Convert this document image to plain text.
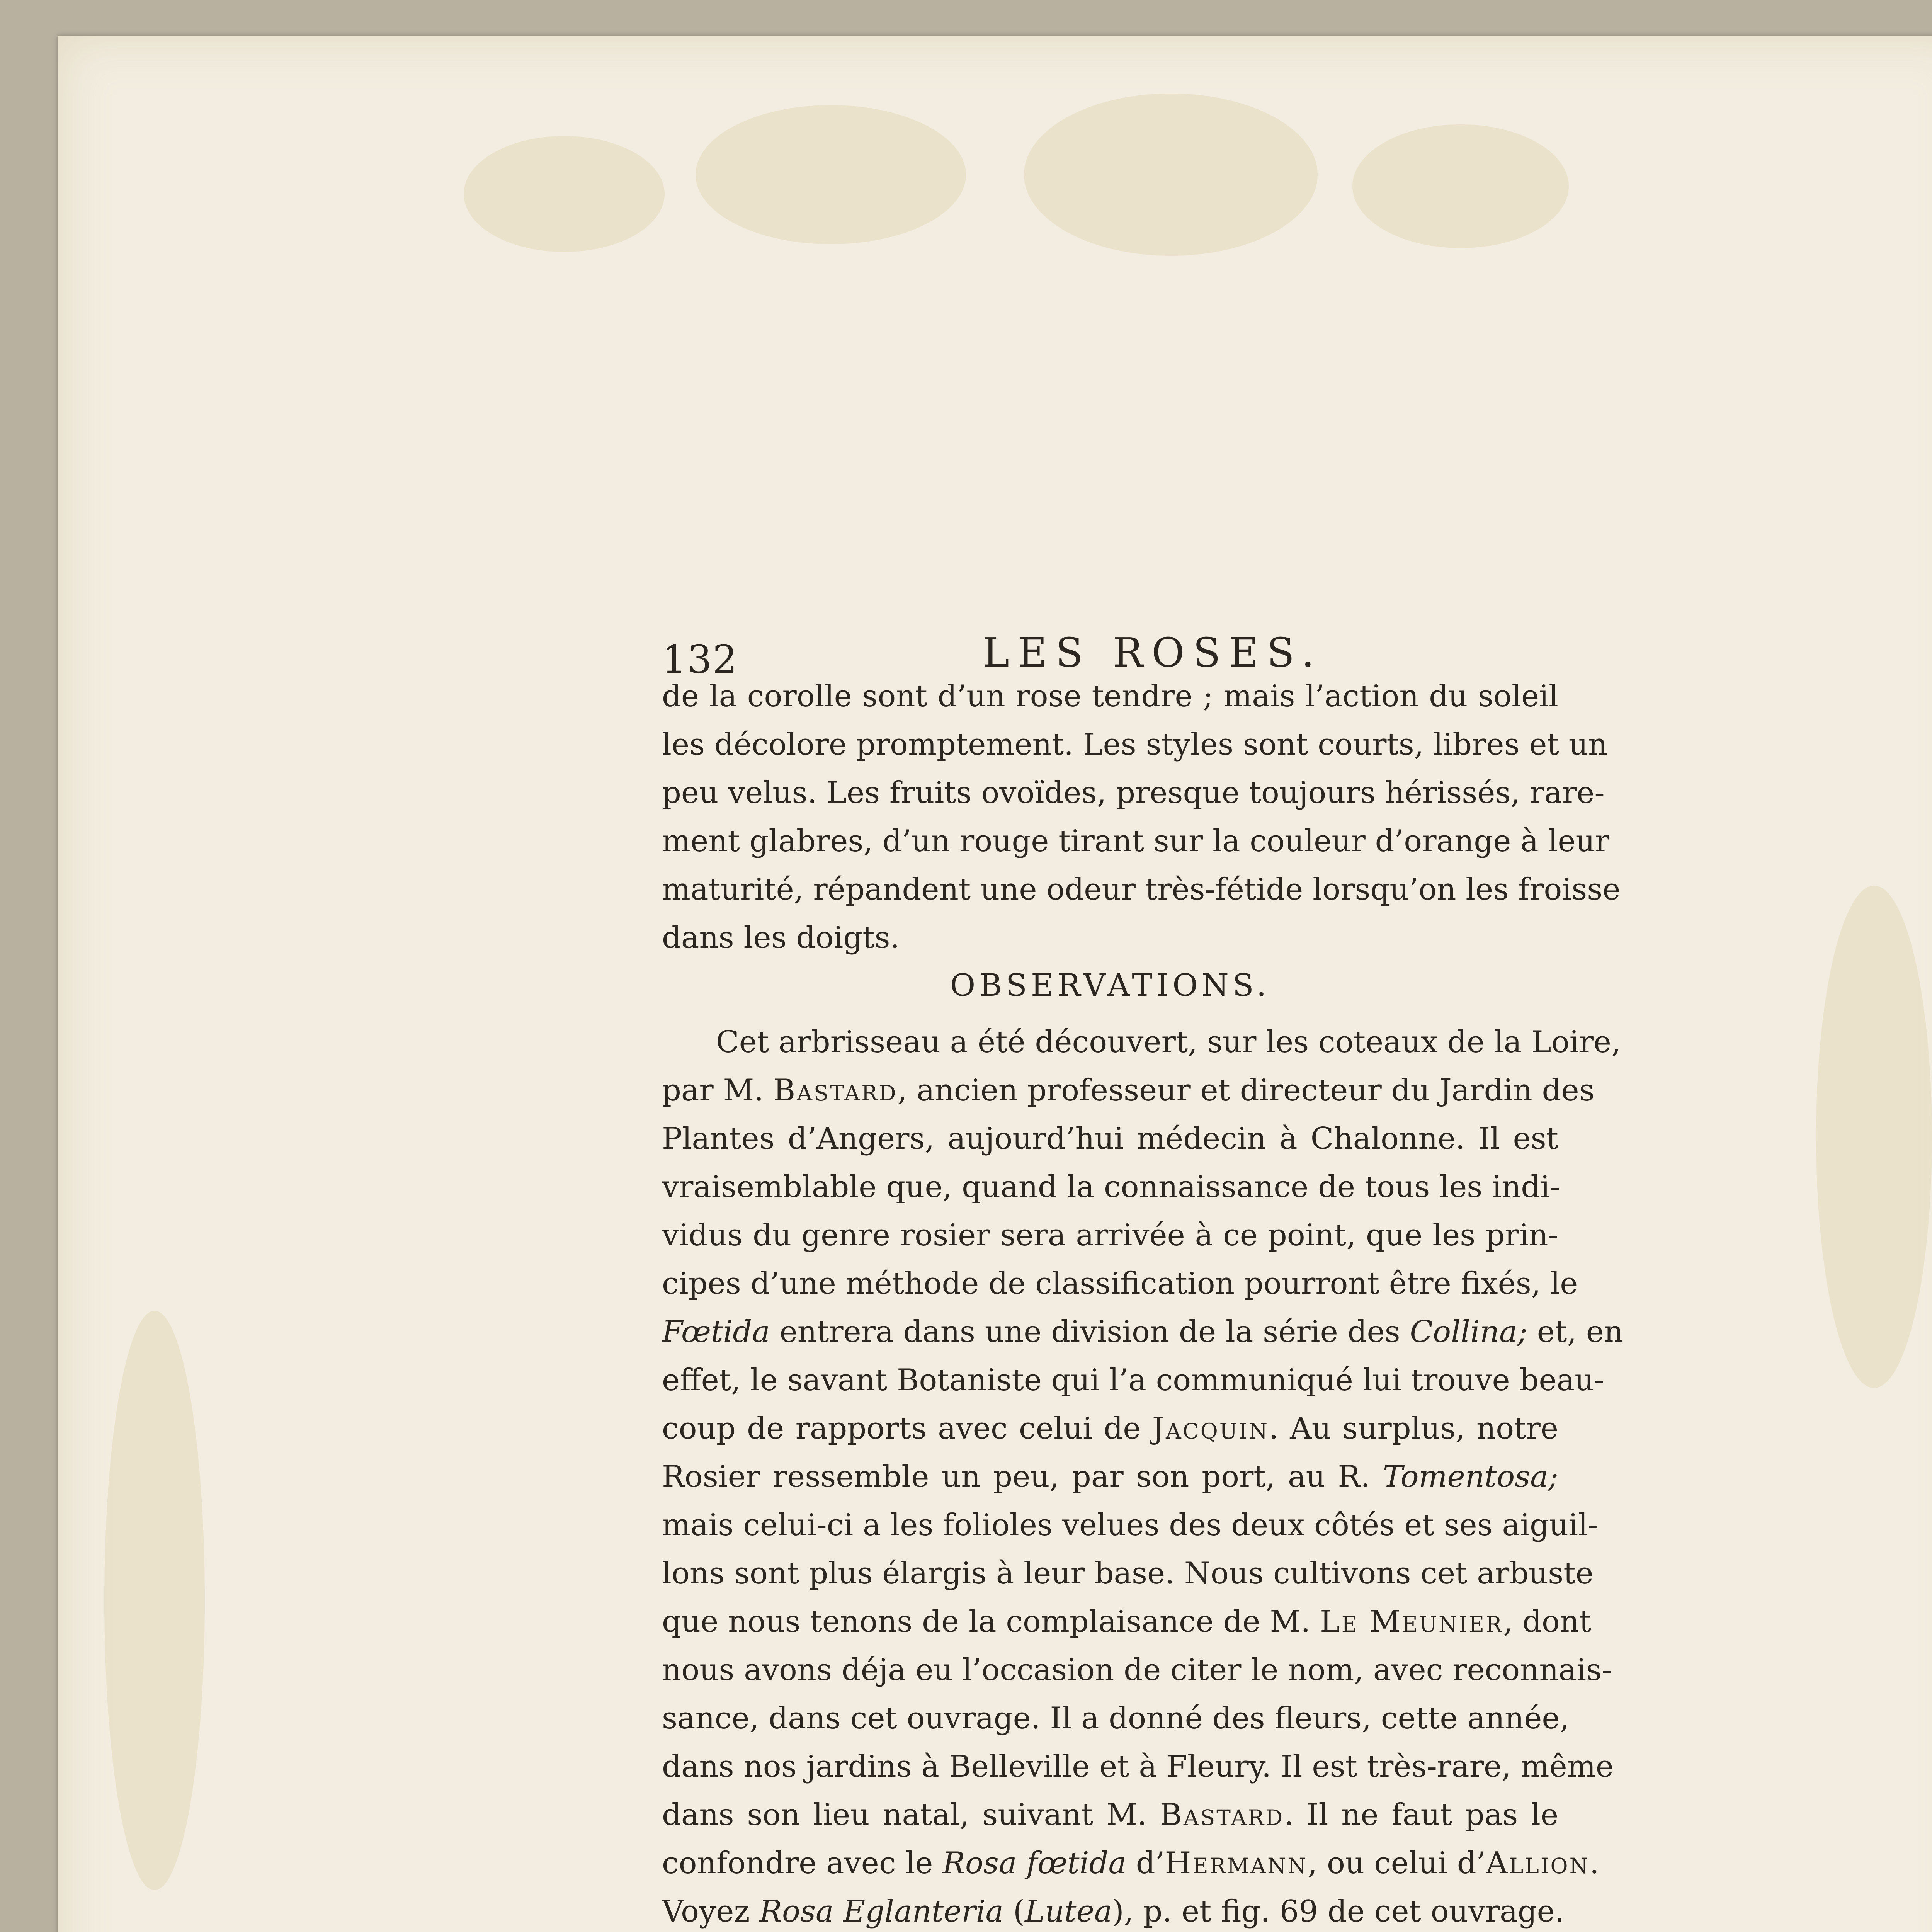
132	LES ROSES.
de la corolle sont d’un rose tendre ; mais l’action du soleil
les décolore promptement. Les styles sont courts, libres et un
peu velus. Les fruits ovoïdes, presque toujours hérissés, rare-
ment glabres, d’un rouge tirant sur la couleur d’orange à leur
maturité, répandent une odeur très-fétide lorsqu’on les froisse
dans les doigts.
OBSERVATIONS.
Cet arbrisseau a été découvert, sur les coteaux de la Loire,
par M. Bastard, ancien professeur et directeur du Jardin des
Plantes d’Angers, aujourd’hui médecin à Chalonne. Il est
vraisemblable que, quand la connaissance de tous les indi-
vidus du genre rosier sera arrivée à ce point, que les prin-
cipes d’une méthode de classification pourront être fixés, le
Fœtida entrera dans une division de la série des Collina; et, en
effet, le savant Botaniste qui l’a communiqué lui trouve beau-
coup de rapports avec celui de Jacquin. Au surplus, notre
Rosier ressemble un peu, par son port, au R. Tomentosa;
mais celui-ci a les folioles velues des deux côtés et ses aiguil-
lons sont plus élargis à leur base. Nous cultivons cet arbuste
que nous tenons de la complaisance de M. Le Meunier, dont
nous avons déja eu l’occasion de citer le nom, avec reconnais-
sance, dans cet ouvrage. Il a donné des fleurs, cette année,
dans nos jardins à Belleville et à Fleury. Il est très-rare, même
dans son lieu natal, suivant M. Bastard. Il ne faut pas le
confondre avec le Rosa fœtida d’Hermann, ou celui d’Allion.
Voyez Rosa Eglanteria (Lutea), p. et fig. 69 de cet ouvrage.
